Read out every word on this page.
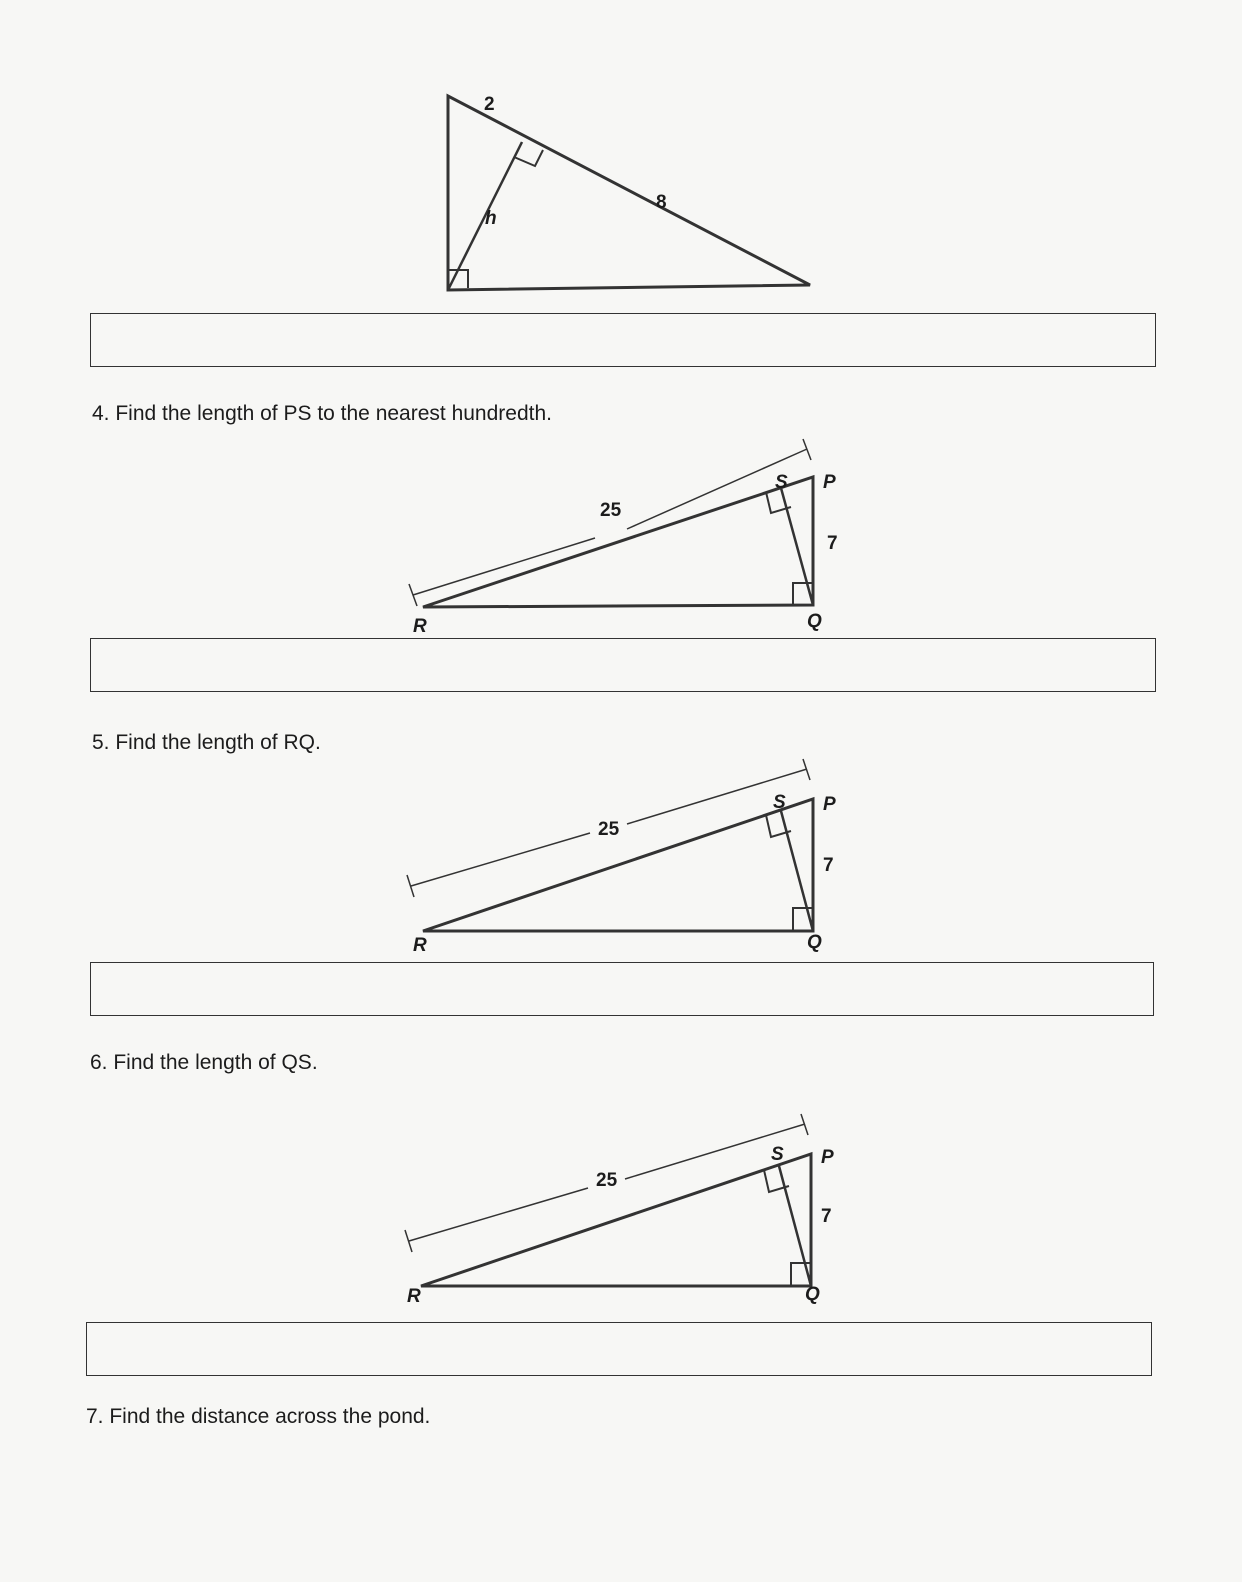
2
h
8
4. Find the length of PS to the nearest hundredth.
25
7
S P
R	Q
5. Find the length of RQ.
25
7
S P
R	Q
6. Find the length of QS.
25
7
S P
R	Q
7. Find the distance across the pond.
